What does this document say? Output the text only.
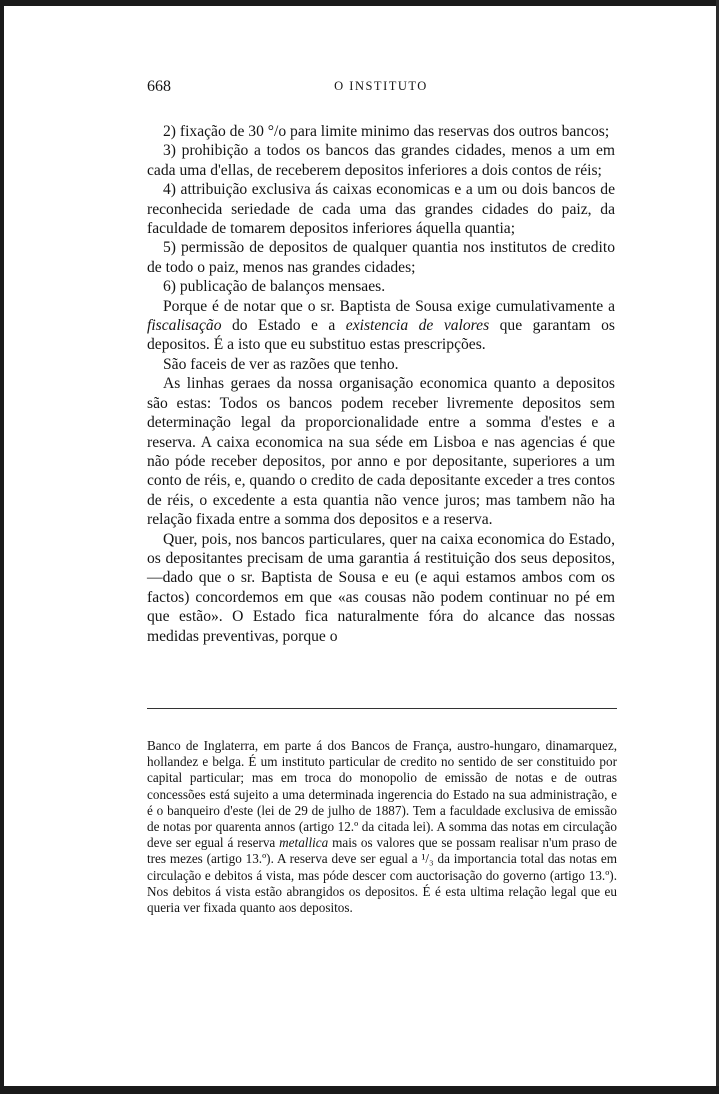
668	O INSTITUTO

2) fixação de 30 °/o para limite minimo das reservas dos outros bancos;

3) prohibição a todos os bancos das grandes cidades, menos a um em cada uma d'ellas, de receberem depositos inferiores a dois contos de réis;

4) attribuição exclusiva ás caixas economicas e a um ou dois bancos de reconhecida seriedade de cada uma das grandes cidades do paiz, da faculdade de tomarem depositos inferiores áquella quantia;

5) permissão de depositos de qualquer quantia nos institutos de credito de todo o paiz, menos nas grandes cidades;

6) publicação de balanços mensaes.

Porque é de notar que o sr. Baptista de Sousa exige cumulativamente a fiscalisação do Estado e a existencia de valores que garantam os depositos. É a isto que eu substituo estas prescripções.

São faceis de ver as razões que tenho.

As linhas geraes da nossa organisação economica quanto a depositos são estas: Todos os bancos podem receber livremente depositos sem determinação legal da proporcionalidade entre a somma d'estes e a reserva. A caixa economica na sua séde em Lisboa e nas agencias é que não póde receber depositos, por anno e por depositante, superiores a um conto de réis, e, quando o credito de cada depositante exceder a tres contos de réis, o excedente a esta quantia não vence juros; mas tambem não ha relação fixada entre a somma dos depositos e a reserva.

Quer, pois, nos bancos particulares, quer na caixa economica do Estado, os depositantes precisam de uma garantia á restituição dos seus depositos,—dado que o sr. Baptista de Sousa e eu (e aqui estamos ambos com os factos) concordemos em que «as cousas não podem continuar no pé em que estão». O Estado fica naturalmente fóra do alcance das nossas medidas preventivas, porque o

Banco de Inglaterra, em parte á dos Bancos de França, austro-hungaro, dinamarquez, hollandez e belga. É um instituto particular de credito no sentido de ser constituido por capital particular; mas em troca do monopolio de emissão de notas e de outras concessões está sujeito a uma determinada ingerencia do Estado na sua administração, e é o banqueiro d'este (lei de 29 de julho de 1887). Tem a faculdade exclusiva de emissão de notas por quarenta annos (artigo 12.º da citada lei). A somma das notas em circulação deve ser egual á reserva metallica mais os valores que se possam realisar n'um praso de tres mezes (artigo 13.º). A reserva deve ser egual a ¹/₃ da importancia total das notas em circulação e debitos á vista, mas póde descer com auctorisação do governo (artigo 13.º). Nos debitos á vista estão abrangidos os depositos. É é esta ultima relação legal que eu queria ver fixada quanto aos depositos.
